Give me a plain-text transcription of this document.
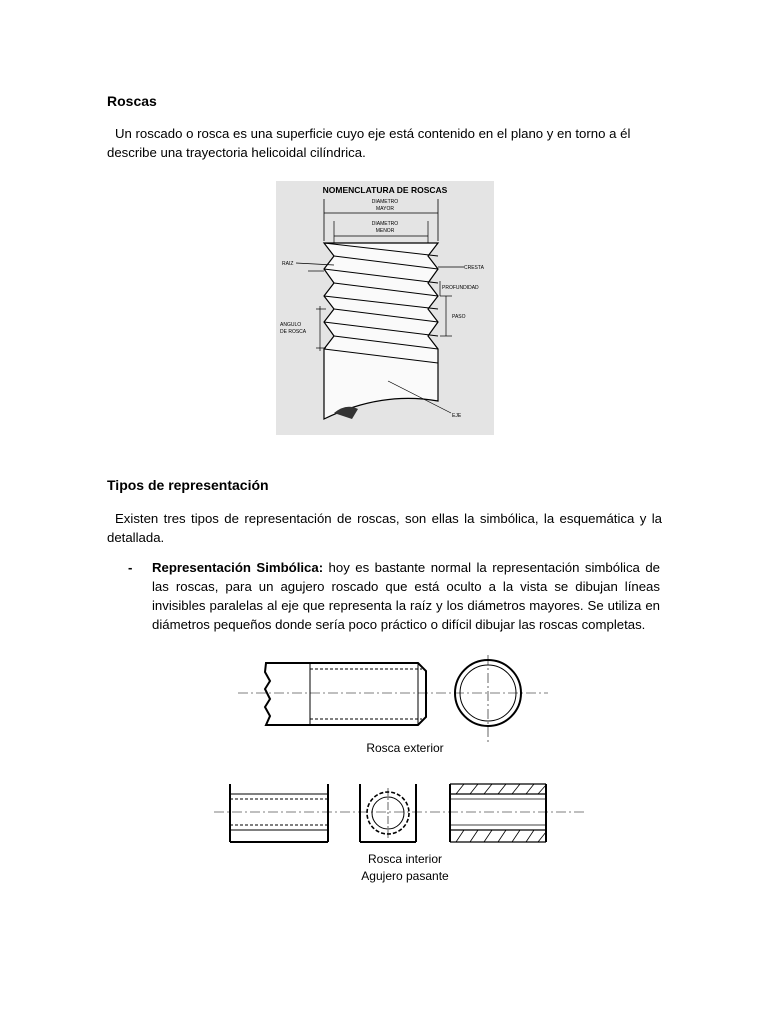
Roscas
Un roscado o rosca es una superficie cuyo eje está contenido en el plano y en torno a él describe una trayectoria helicoidal cilíndrica.
NOMENCLATURA DE ROSCAS
DIAMETRO
MAYOR
DIAMETRO
MENOR
RAIZ
ANGULO
DE ROSCA
CRESTA
PROFUNDIDAD
PASO
EJE
Tipos de representación
Existen tres tipos de representación de roscas, son ellas la simbólica, la esquemática y la detallada.
- Representación Simbólica: hoy es bastante normal la representación simbólica de las roscas, para un agujero roscado que está oculto a la vista se dibujan líneas invisibles paralelas al eje que representa la raíz y los diámetros mayores. Se utiliza en diámetros pequeños donde sería poco práctico o difícil dibujar las roscas completas.
Rosca exterior
Rosca interior
Agujero pasante
